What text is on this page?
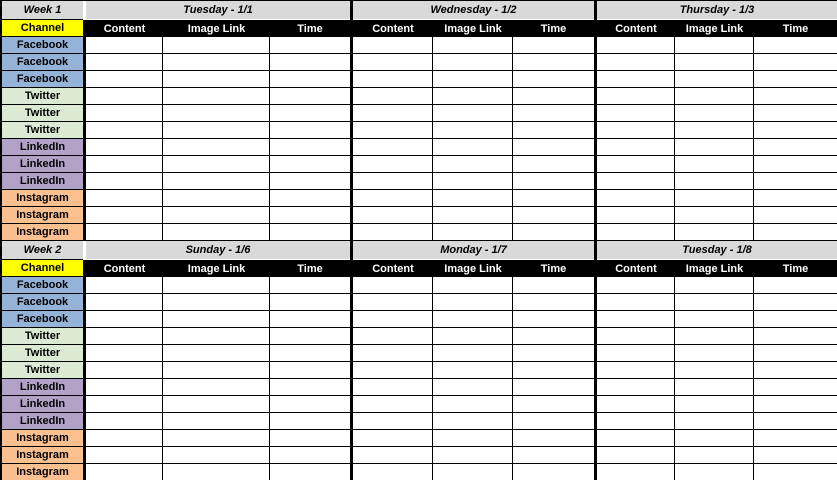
Week 1	Tuesday - 1/1	Wednesday - 1/2	Thursday - 1/3
Channel	Content	Image Link	Time	Content	Image Link	Time	Content	Image Link	Time
Facebook
Facebook
Facebook
Twitter
Twitter
Twitter
LinkedIn
LinkedIn
LinkedIn
Instagram
Instagram
Instagram
Week 2	Sunday - 1/6	Monday - 1/7	Tuesday - 1/8
Channel	Content	Image Link	Time	Content	Image Link	Time	Content	Image Link	Time
Facebook
Facebook
Facebook
Twitter
Twitter
Twitter
LinkedIn
LinkedIn
LinkedIn
Instagram
Instagram
Instagram
